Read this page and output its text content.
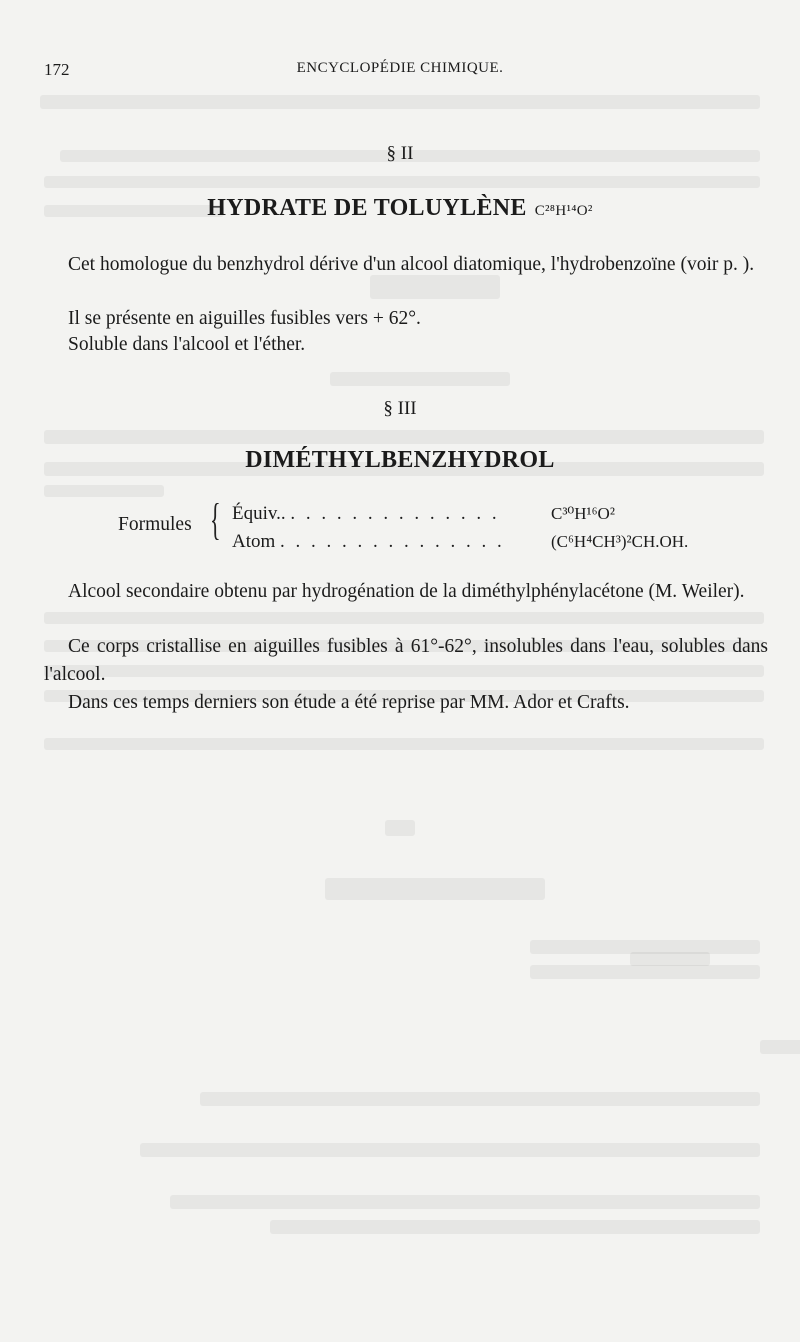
172	ENCYCLOPÉDIE CHIMIQUE.
§ II
HYDRATE DE TOLUYLÈNE C²⁸H¹⁴O²
Cet homologue du benzhydrol dérive d'un alcool diatomique, l'hydrobenzoïne (voir p. ).
Il se présente en aiguilles fusibles vers + 62°.
Soluble dans l'alcool et l'éther.
§ III
DIMÉTHYLBENZHYDROL
Formules { Équiv.. . . . . . . . . . . . . . .	C³⁰H¹⁶O²
Atom . . . . . . . . . . . . . . .	(C⁶H⁴CH³)²CH.OH.
Alcool secondaire obtenu par hydrogénation de la diméthylphénylacétone (M. Weiler).
Ce corps cristallise en aiguilles fusibles à 61°-62°, insolubles dans l'eau, solubles dans l'alcool.
Dans ces temps derniers son étude a été reprise par MM. Ador et Crafts.
